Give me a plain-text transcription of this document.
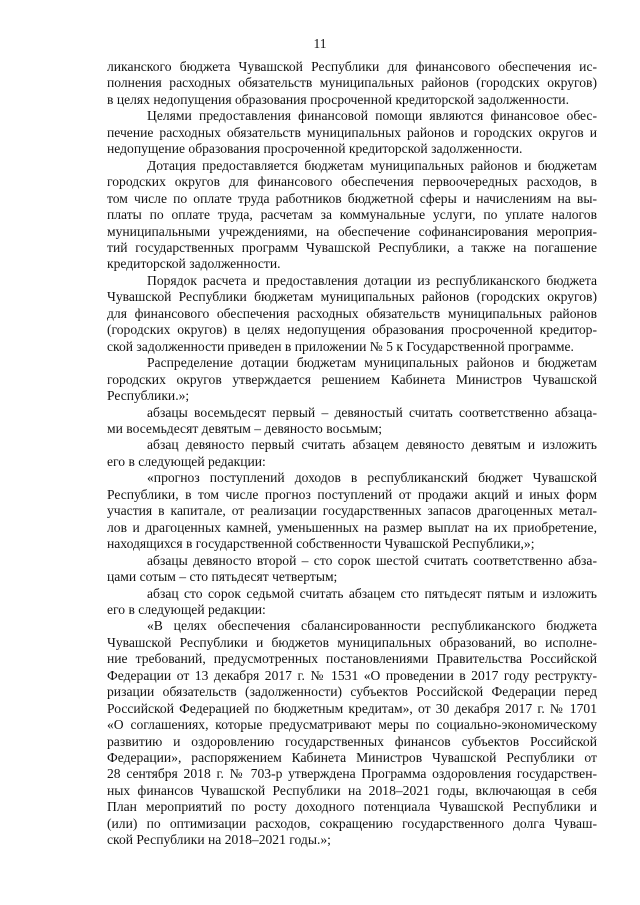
11
ликанского бюджета Чувашской Республики для финансового обеспечения ис-
полнения расходных обязательств муниципальных районов (городских округов)
в целях недопущения образования просроченной кредиторской задолженности.
Целями предоставления финансовой помощи являются финансовое обес-
печение расходных обязательств муниципальных районов и городских округов и
недопущение образования просроченной кредиторской задолженности.
Дотация предоставляется бюджетам муниципальных районов и бюджетам
городских округов для финансового обеспечения первоочередных расходов, в
том числе по оплате труда работников бюджетной сферы и начислениям на вы-
платы по оплате труда, расчетам за коммунальные услуги, по уплате налогов
муниципальными учреждениями, на обеспечение софинансирования мероприя-
тий государственных программ Чувашской Республики, а также на погашение
кредиторской задолженности.
Порядок расчета и предоставления дотации из республиканского бюджета
Чувашской Республики бюджетам муниципальных районов (городских округов)
для финансового обеспечения расходных обязательств муниципальных районов
(городских округов) в целях недопущения образования просроченной кредитор-
ской задолженности приведен в приложении № 5 к Государственной программе.
Распределение дотации бюджетам муниципальных районов и бюджетам
городских округов утверждается решением Кабинета Министров Чувашской
Республики.»;
абзацы восемьдесят первый – девяностый считать соответственно абзаца-
ми восемьдесят девятым – девяносто восьмым;
абзац девяносто первый считать абзацем девяносто девятым и изложить
его в следующей редакции:
«прогноз поступлений доходов в республиканский бюджет Чувашской
Республики, в том числе прогноз поступлений от продажи акций и иных форм
участия в капитале, от реализации государственных запасов драгоценных метал-
лов и драгоценных камней, уменьшенных на размер выплат на их приобретение,
находящихся в государственной собственности Чувашской Республики,»;
абзацы девяносто второй – сто сорок шестой считать соответственно абза-
цами сотым – сто пятьдесят четвертым;
абзац сто сорок седьмой считать абзацем сто пятьдесят пятым и изложить
его в следующей редакции:
«В целях обеспечения сбалансированности республиканского бюджета
Чувашской Республики и бюджетов муниципальных образований, во исполне-
ние требований, предусмотренных постановлениями Правительства Российской
Федерации от 13 декабря 2017 г. № 1531 «О проведении в 2017 году реструкту-
ризации обязательств (задолженности) субъектов Российской Федерации перед
Российской Федерацией по бюджетным кредитам», от 30 декабря 2017 г. № 1701
«О соглашениях, которые предусматривают меры по социально-экономическому
развитию и оздоровлению государственных финансов субъектов Российской
Федерации», распоряжением Кабинета Министров Чувашской Республики от
28 сентября 2018 г. № 703-р утверждена Программа оздоровления государствен-
ных финансов Чувашской Республики на 2018–2021 годы, включающая в себя
План мероприятий по росту доходного потенциала Чувашской Республики и
(или) по оптимизации расходов, сокращению государственного долга Чуваш-
ской Республики на 2018–2021 годы.»;
